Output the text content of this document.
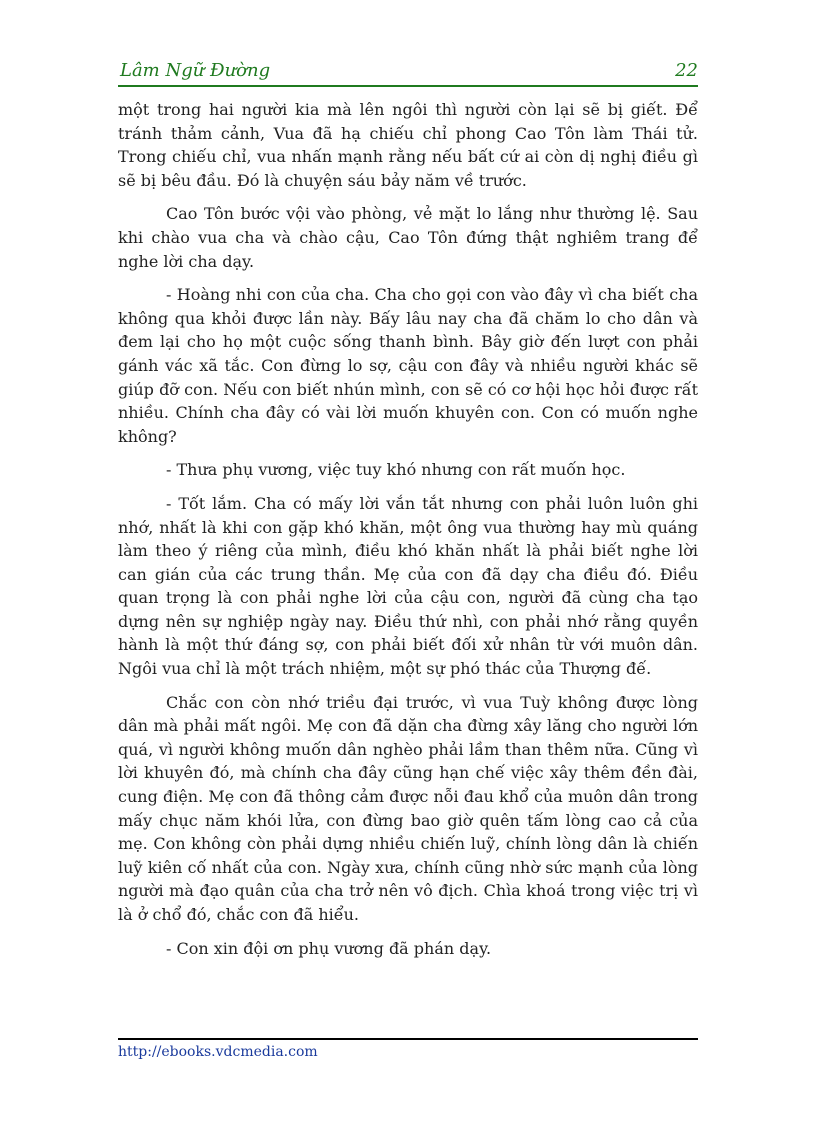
Lâm Ngữ Đường	22

một trong hai người kia mà lên ngôi thì người còn lại sẽ bị giết. Để tránh thảm cảnh, Vua đã hạ chiếu chỉ phong Cao Tôn làm Thái tử. Trong chiếu chỉ, vua nhấn mạnh rằng nếu bất cứ ai còn dị nghị điều gì sẽ bị bêu đầu. Đó là chuyện sáu bảy năm về trước.

Cao Tôn bước vội vào phòng, vẻ mặt lo lắng như thường lệ. Sau khi chào vua cha và chào cậu, Cao Tôn đứng thật nghiêm trang để nghe lời cha dạy.

- Hoàng nhi con của cha. Cha cho gọi con vào đây vì cha biết cha không qua khỏi được lần này. Bấy lâu nay cha đã chăm lo cho dân và đem lại cho họ một cuộc sống thanh bình. Bây giờ đến lượt con phải gánh vác xã tắc. Con đừng lo sợ, cậu con đây và nhiều người khác sẽ giúp đỡ con. Nếu con biết nhún mình, con sẽ có cơ hội học hỏi được rất nhiều. Chính cha đây có vài lời muốn khuyên con. Con có muốn nghe không?

- Thưa phụ vương, việc tuy khó nhưng con rất muốn học.

- Tốt lắm. Cha có mấy lời vắn tắt nhưng con phải luôn luôn ghi nhớ, nhất là khi con gặp khó khăn, một ông vua thường hay mù quáng làm theo ý riêng của mình, điều khó khăn nhất là phải biết nghe lời can gián của các trung thần. Mẹ của con đã dạy cha điều đó. Điều quan trọng là con phải nghe lời của cậu con, người đã cùng cha tạo dựng nên sự nghiệp ngày nay. Điều thứ nhì, con phải nhớ rằng quyền hành là một thứ đáng sợ, con phải biết đối xử nhân từ với muôn dân. Ngôi vua chỉ là một trách nhiệm, một sự phó thác của Thượng đế.

Chắc con còn nhớ triều đại trước, vì vua Tuỳ không được lòng dân mà phải mất ngôi. Mẹ con đã dặn cha đừng xây lăng cho người lớn quá, vì người không muốn dân nghèo phải lầm than thêm nữa. Cũng vì lời khuyên đó, mà chính cha đây cũng hạn chế việc xây thêm đền đài, cung điện. Mẹ con đã thông cảm được nỗi đau khổ của muôn dân trong mấy chục năm khói lửa, con đừng bao giờ quên tấm lòng cao cả của mẹ. Con không còn phải dựng nhiều chiến luỹ, chính lòng dân là chiến luỹ kiên cố nhất của con. Ngày xưa, chính cũng nhờ sức mạnh của lòng người mà đạo quân của cha trở nên vô địch. Chìa khoá trong việc trị vì là ở chổ đó, chắc con đã hiểu.

- Con xin đội ơn phụ vương đã phán dạy.

http://ebooks.vdcmedia.com
